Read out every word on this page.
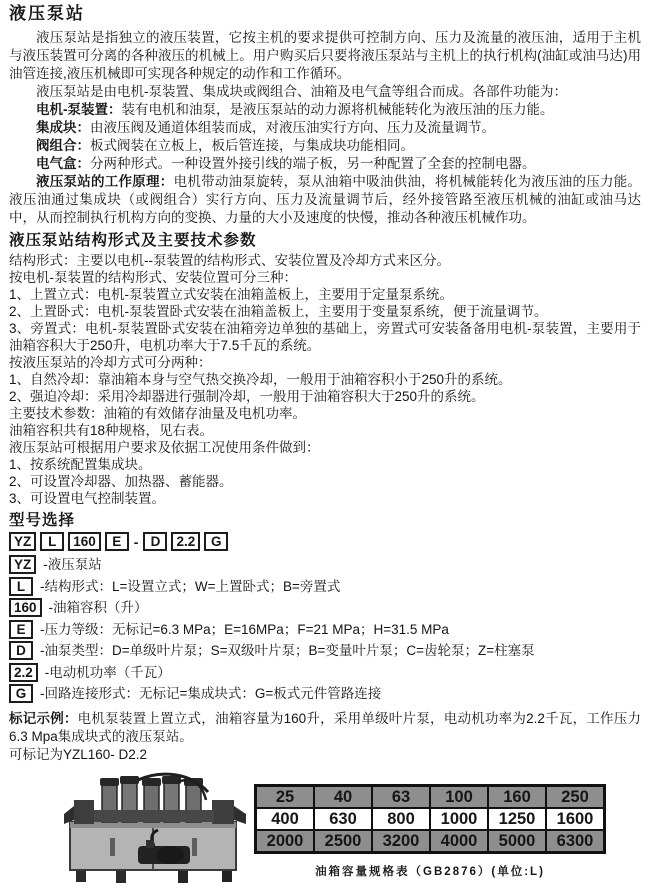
液压泵站

液压泵站是指独立的液压装置，它按主机的要求提供可控制方向、压力及流量的液压油，适用于主机与液压装置可分离的各种液压的机械上。用户购买后只要将液压泵站与主机上的执行机构(油缸或油马达)用油管连接,液压机械即可实现各种规定的动作和工作循环。

液压泵站是由电机-泵装置、集成块或阀组合、油箱及电气盒等组合而成。各部件功能为：

电机-泵装置：装有电机和油泵，是液压泵站的动力源将机械能转化为液压油的压力能。

集成块：由液压阀及通道体组装而成，对液压油实行方向、压力及流量调节。

阀组合：板式阀装在立板上，板后管连接，与集成块功能相同。

电气盒：分两种形式。一种设置外接引线的端子板，另一种配置了全套的控制电器。

液压泵站的工作原理：电机带动油泵旋转，泵从油箱中吸油供油，将机械能转化为液压油的压力能。液压油通过集成块（或阀组合）实行方向、压力及流量调节后，经外接管路至液压机械的油缸或油马达中，从而控制执行机构方向的变换、力量的大小及速度的快慢，推动各种液压机械作功。

液压泵站结构形式及主要技术参数

结构形式：主要以电机--泵装置的结构形式、安装位置及冷却方式来区分。

按电机-泵装置的结构形式、安装位置可分三种：

1、上置立式：电机-泵装置立式安装在油箱盖板上，主要用于定量泵系统。

2、上置卧式：电机-泵装置卧式安装在油箱盖板上，主要用于变量泵系统，便于流量调节。

3、旁置式：电机-泵装置卧式安装在油箱旁边单独的基础上，旁置式可安装备备用电机-泵装置，主要用于油箱容积大于250升，电机功率大于7.5千瓦的系统。

按液压泵站的冷却方式可分两种：

1、自然冷却：靠油箱本身与空气热交换冷却，一般用于油箱容积小于250升的系统。

2、强迫冷却：采用冷却器进行强制冷却，一般用于油箱容积大于250升的系统。

主要技术参数：油箱的有效储存油量及电机功率。

油箱容积共有18种规格，见右表。

液压泵站可根据用户要求及依据工况使用条件做到：

1、按系统配置集成块。

2、可设置冷却器、加热器、蓄能器。

3、可设置电气控制装置。

型号选择
YZ	L	160	E - D	2.2	G
YZ -液压泵站
L	-结构形式：L=设置立式；W=上置卧式；B=旁置式
160 -油箱容积（升）
E	-压力等级：无标记=6.3 MPa；E=16MPa；F=21 MPa；H=31.5 MPa
D	-油泵类型：D=单级叶片泵；S=双级叶片泵；B=变量叶片泵；C=齿轮泵；Z=柱塞泵
2.2 -电动机功率（千瓦）
G	-回路连接形式：无标记=集成块式：G=板式元件管路连接

标记示例：电机泵装置上置立式，油箱容量为160升，采用单级叶片泵，电动机功率为2.2千瓦，工作压力6.3 Mpa集成块式的液压泵站。

可标记为YZL160- D2.2

25	40	63	100	160	250
400	630	800	1000	1250	1600
2000	2500	3200	4000	5000	6300
油箱容量规格表（GB2876）(单位:L)
